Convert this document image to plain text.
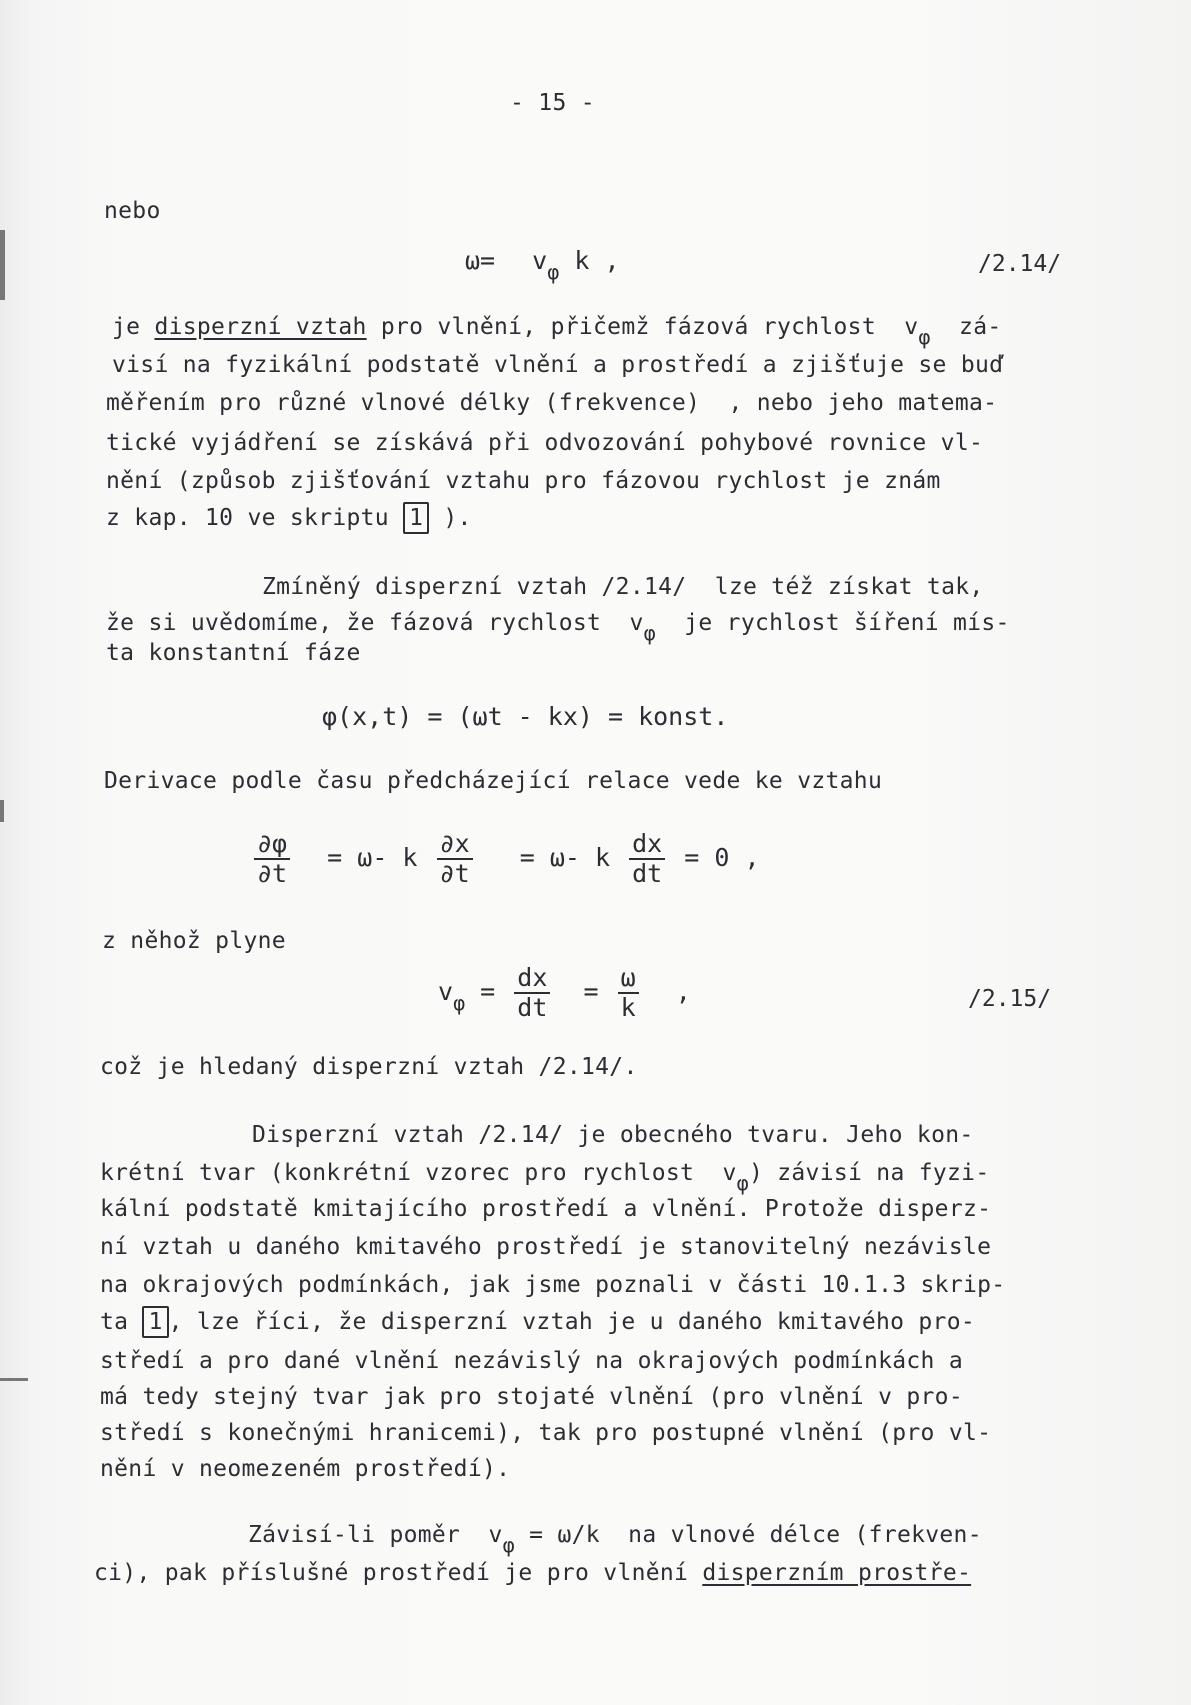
- 15 -
nebo
$\omega= v_\varphi$ k ,	/2.14/
je disperzní vztah pro vlnění, přičemž fázová rychlost  vφ  zá-
visí na fyzikální podstatě vlnění a prostředí a zjišťuje se buď
měřením pro různé vlnové délky (frekvence)  , nebo jeho matema-
tické vyjádření se získává při odvozování pohybové rovnice vl-
nění (způsob zjišťování vztahu pro fázovou rychlost je znám
z kap. 10 ve skriptu 1 ).
Zmíněný disperzní vztah /2.14/  lze též získat tak,
že si uvědomíme, že fázová rychlost  vφ  je rychlost šíření mís-
ta konstantní fáze
φ(x,t) = (ωt - kx) = konst.
Derivace podle času předcházející relace vede ke vztahu
$\frac{\partial\varphi}{\partial t} = \omega-$ k $\frac{\partial x}{\partial t} = \omega-$ k $\frac{dx}{dt} = 0$ ,
z něhož plyne
$v_\varphi = \frac{dx}{dt} = \frac{\omega}{k}$ ,	/2.15/
což je hledaný disperzní vztah /2.14/.
Disperzní vztah /2.14/ je obecného tvaru. Jeho kon-
krétní tvar (konkrétní vzorec pro rychlost  vφ) závisí na fyzi-
kální podstatě kmitajícího prostředí a vlnění. Protože disperz-
ní vztah u daného kmitavého prostředí je stanovitelný nezávisle
na okrajových podmínkách, jak jsme poznali v části 10.1.3 skrip-
ta 1 , lze říci, že disperzní vztah je u daného kmitavého pro-
středí a pro dané vlnění nezávislý na okrajových podmínkách a
má tedy stejný tvar jak pro stojaté vlnění (pro vlnění v pro-
středí s konečnými hranicemi), tak pro postupné vlnění (pro vl-
nění v neomezeném prostředí).
Závisí-li poměr  vφ = ω/k  na vlnové délce (frekven-
ci), pak příslušné prostředí je pro vlnění disperzním prostře-
